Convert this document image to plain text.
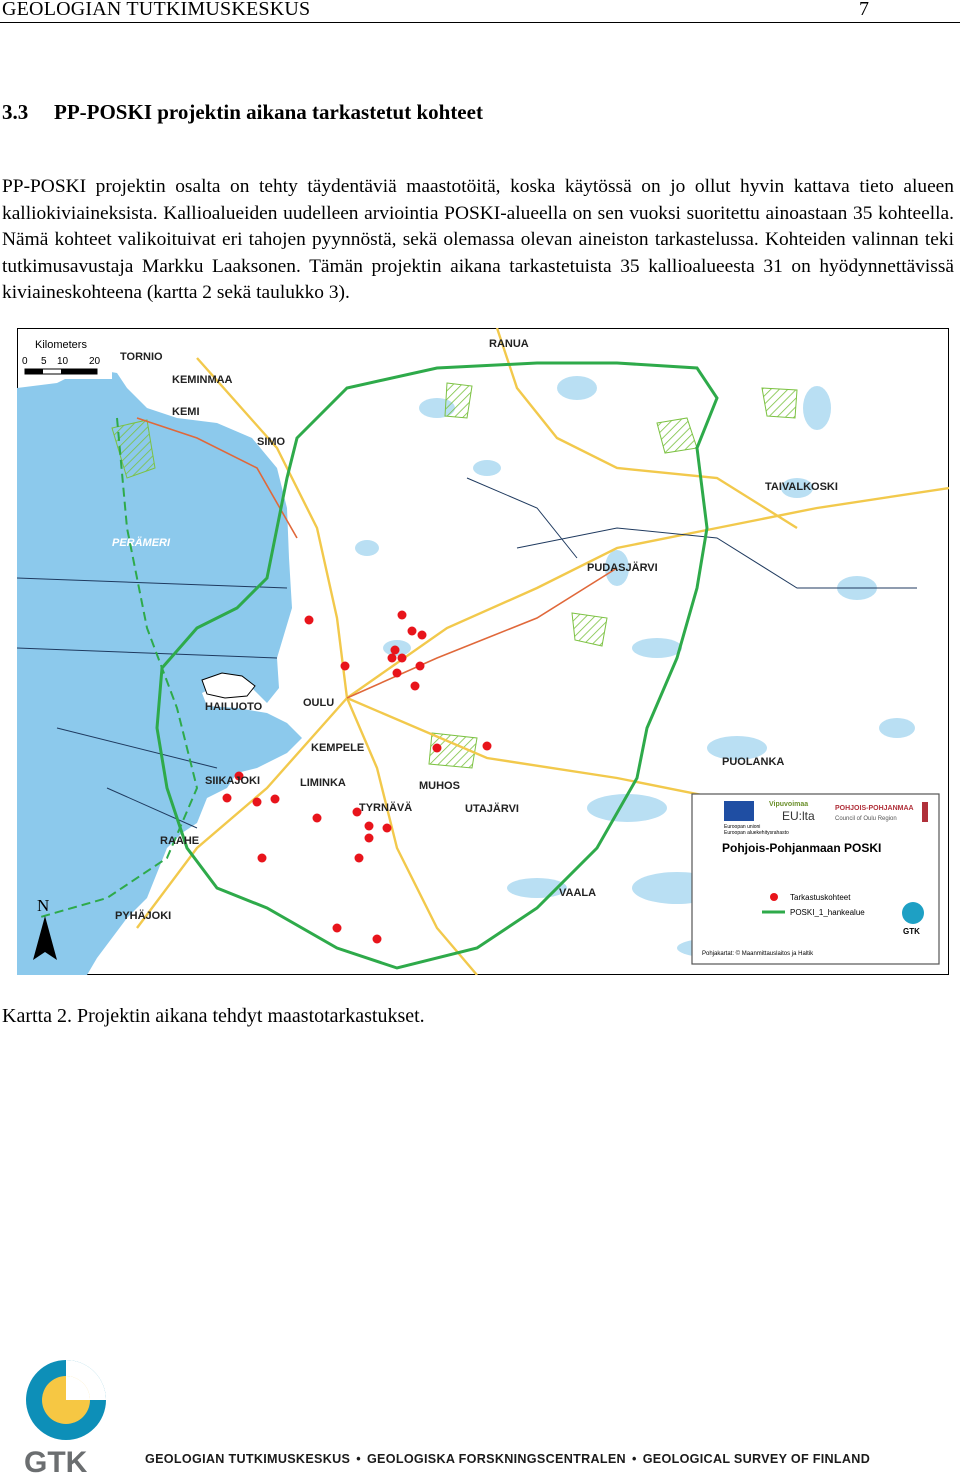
GEOLOGIAN TUTKIMUSKESKUS	7
3.3 PP-POSKI projektin aikana tarkastetut kohteet

PP-POSKI projektin osalta on tehty täydentäviä maastotöitä, koska käytössä on jo ollut hyvin kattava tieto alueen kalliokiviaineksista. Kallioalueiden uudelleen arviointia POSKI-alueella on sen vuoksi suoritettu ainoastaan 35 kohteella. Nämä kohteet valikoituivat eri tahojen pyynnöstä, sekä olemassa olevan aineiston tarkastelussa. Kohteiden valinnan teki tutkimusavustaja Markku Laaksonen. Tämän projektin aikana tarkastetuista 35 kallioalueesta 31 on hyödynnettävissä kiviaineskohteena (kartta 2 sekä taulukko 3).

Kilometers
0 5 10 20
N
RANUA
TORNIO
KEMINMAA
KEMI
SIMO
TAIVALKOSKI
PERÄMERI
PUDASJÄRVI
HAILUOTO	OULU
KEMPELE
LIMINKA
SIIKAJOKI	MUHOS
PUOLANKA
TYRNÄVÄ	UTAJÄRVI
RAAHE
VAALA
PYHÄJOKI
Euroopan unioni
Euroopan aluekehitysrahasto
Vipuvoimaa
EU:lta
POHJOIS-POHJANMAA
Council of Oulu Region
Pohjois-Pohjanmaan POSKI
Tarkastuskohteet
POSKI_1_hankealue
GTK
Pohjakartat: © Maanmittauslaitos ja Haltik
Kartta 2. Projektin aikana tehdyt maastotarkastukset.
GTK	GEOLOGIAN TUTKIMUSKESKUS • GEOLOGISKA FORSKNINGSCENTRALEN • GEOLOGICAL SURVEY OF FINLAND
